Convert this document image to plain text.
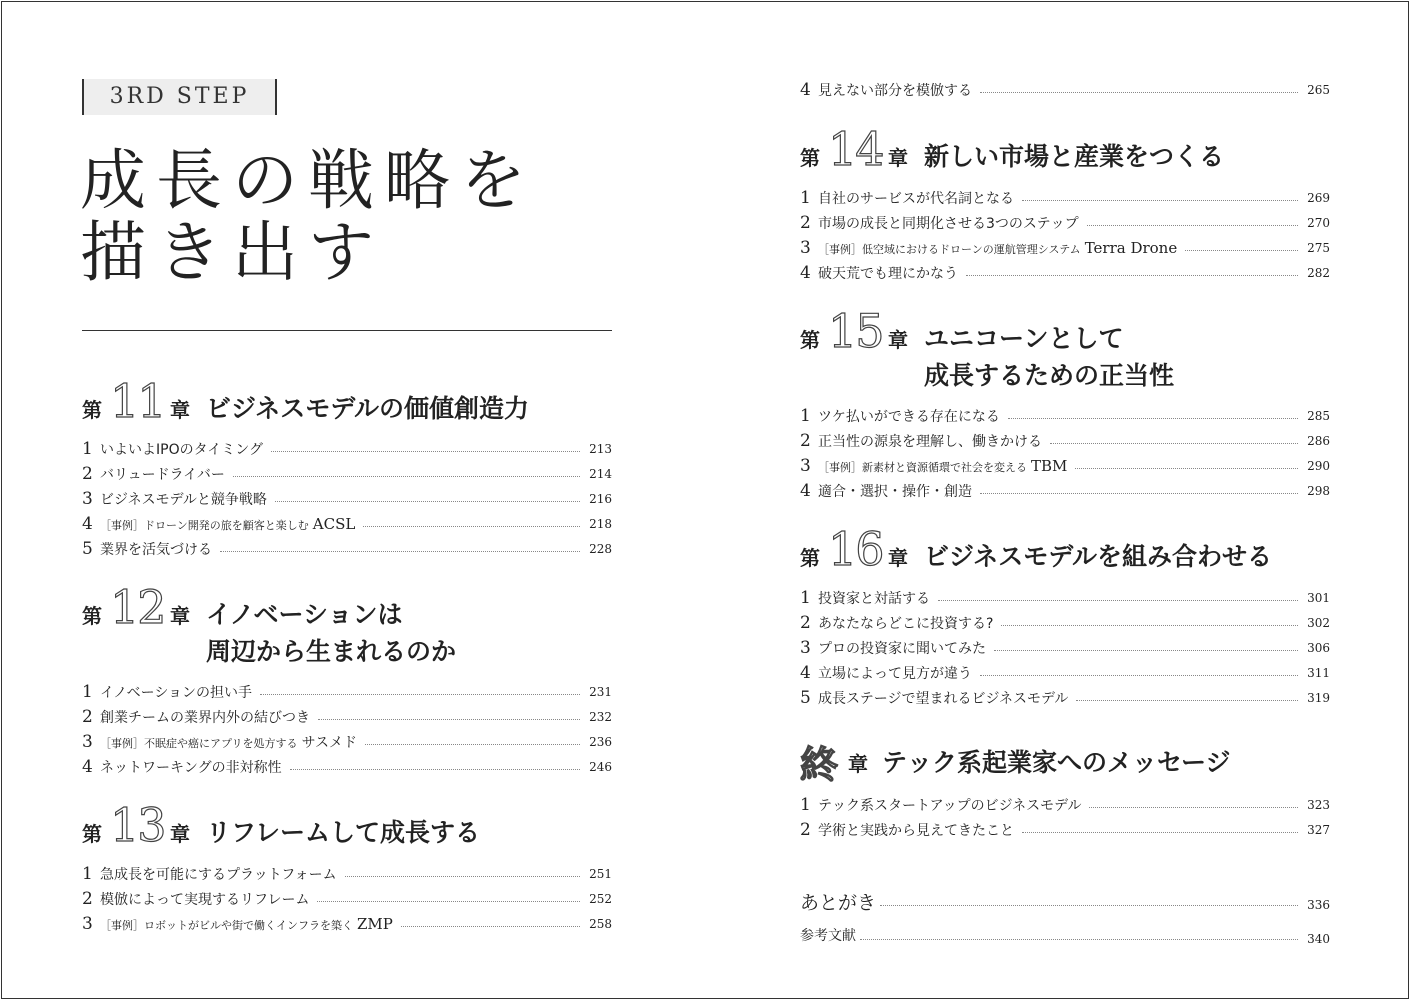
3RD STEP
成長の戦略を
描き出す
第 11 章 ビジネスモデルの価値創造力
1 いよいよIPOのタイミング	213
2 バリュードライバー	214
3 ビジネスモデルと競争戦略	216
4 ［事例］ドローン開発の旅を顧客と楽しむ ACSL	218
5 業界を活気づける	228
第 12 章 イノベーションは
周辺から生まれるのか
1 イノベーションの担い手	231
2 創業チームの業界内外の結びつき	232
3 ［事例］不眠症や癌にアプリを処方する サスメド	236
4 ネットワーキングの非対称性	246
第 13 章 リフレームして成長する
1 急成長を可能にするプラットフォーム	251
2 模倣によって実現するリフレーム	252
3 ［事例］ロボットがビルや街で働くインフラを築く ZMP	258
4 見えない部分を模倣する	265
第 14 章 新しい市場と産業をつくる
1 自社のサービスが代名詞となる	269
2 市場の成長と同期化させる3つのステップ	270
3 ［事例］低空域におけるドローンの運航管理システム Terra Drone	275
4 破天荒でも理にかなう	282
第 15 章 ユニコーンとして
成長するための正当性
1 ツケ払いができる存在になる	285
2 正当性の源泉を理解し、働きかける	286
3 ［事例］新素材と資源循環で社会を変える TBM	290
4 適合・選択・操作・創造	298
第 16 章 ビジネスモデルを組み合わせる
1 投資家と対話する	301
2 あなたならどこに投資する?	302
3 プロの投資家に聞いてみた	306
4 立場によって見方が違う	311
5 成長ステージで望まれるビジネスモデル	319
終 章 テック系起業家へのメッセージ
1 テック系スタートアップのビジネスモデル	323
2 学術と実践から見えてきたこと	327
あとがき	336
参考文献	340
